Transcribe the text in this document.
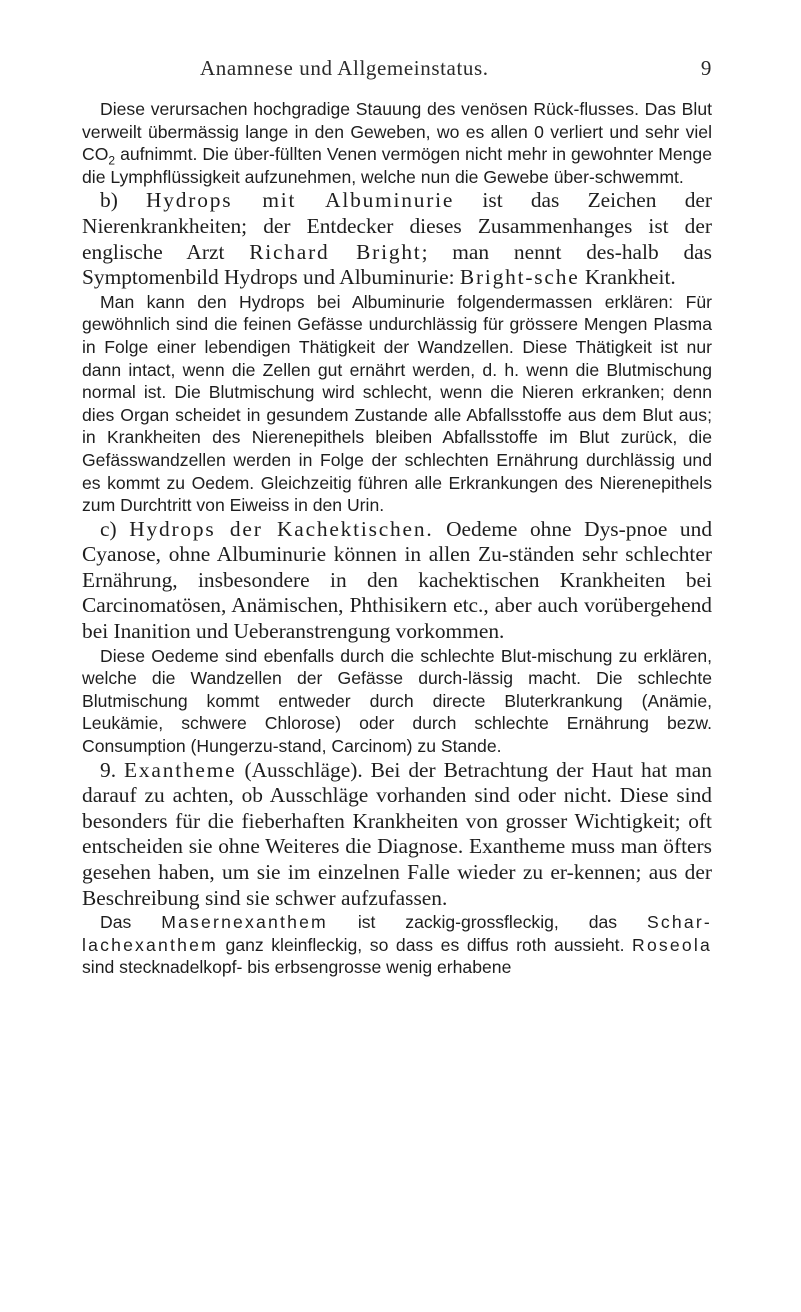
Anamnese und Allgemeinstatus.	9

Diese verursachen hochgradige Stauung des venösen Rück-flusses. Das Blut verweilt übermässig lange in den Geweben, wo es allen 0 verliert und sehr viel $CO_2$ aufnimmt. Die über-füllten Venen vermögen nicht mehr in gewohnter Menge die Lymphflüssigkeit aufzunehmen, welche nun die Gewebe über-schwemmt.

b) Hydrops mit Albuminurie ist das Zeichen der Nierenkrankheiten; der Entdecker dieses Zusammenhanges ist der englische Arzt Richard Bright; man nennt des-halb das Symptomenbild Hydrops und Albuminurie: Bright-sche Krankheit.

Man kann den Hydrops bei Albuminurie folgendermassen erklären: Für gewöhnlich sind die feinen Gefässe undurchlässig für grössere Mengen Plasma in Folge einer lebendigen Thätigkeit der Wandzellen. Diese Thätigkeit ist nur dann intact, wenn die Zellen gut ernährt werden, d. h. wenn die Blutmischung normal ist. Die Blutmischung wird schlecht, wenn die Nieren erkranken; denn dies Organ scheidet in gesundem Zustande alle Abfallsstoffe aus dem Blut aus; in Krankheiten des Nierenepithels bleiben Abfallsstoffe im Blut zurück, die Gefässwandzellen werden in Folge der schlechten Ernährung durchlässig und es kommt zu Oedem. Gleichzeitig führen alle Erkrankungen des Nierenepithels zum Durchtritt von Eiweiss in den Urin.

c) Hydrops der Kachektischen. Oedeme ohne Dys-pnoe und Cyanose, ohne Albuminurie können in allen Zu-ständen sehr schlechter Ernährung, insbesondere in den kachektischen Krankheiten bei Carcinomatösen, Anämischen, Phthisikern etc., aber auch vorübergehend bei Inanition und Ueberanstrengung vorkommen.

Diese Oedeme sind ebenfalls durch die schlechte Blut-mischung zu erklären, welche die Wandzellen der Gefässe durch-lässig macht. Die schlechte Blutmischung kommt entweder durch directe Bluterkrankung (Anämie, Leukämie, schwere Chlorose) oder durch schlechte Ernährung bezw. Consumption (Hungerzu-stand, Carcinom) zu Stande.

9. Exantheme (Ausschläge). Bei der Betrachtung der Haut hat man darauf zu achten, ob Ausschläge vorhanden sind oder nicht. Diese sind besonders für die fieberhaften Krankheiten von grosser Wichtigkeit; oft entscheiden sie ohne Weiteres die Diagnose. Exantheme muss man öfters gesehen haben, um sie im einzelnen Falle wieder zu er-kennen; aus der Beschreibung sind sie schwer aufzufassen.

Das Masernexanthem ist zackig-grossfleckig, das Schar-lachexanthem ganz kleinfleckig, so dass es diffus roth aussieht. Roseola sind stecknadelkopf- bis erbsengrosse wenig erhabene
